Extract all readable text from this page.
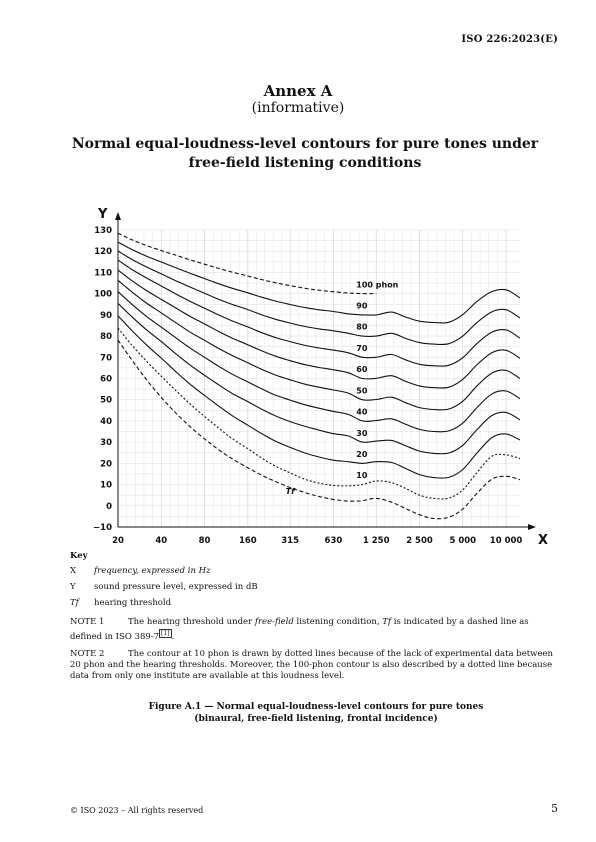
ISO 226:2023(E)
Annex A
(informative)
Normal equal-loudness-level contours for pure tones under free-field listening conditions
Y
X
130
120
110
100
90
80
70
60
50
40
30
20
10
0
−10
20	40	80	160	315	630 1 250 2 500 5 000 10 000
Tf
10
20
30
40
50
60
70
80
90
100 phon
Key
X frequency, expressed in Hz
Y sound pressure level, expressed in dB
Tf hearing threshold
NOTE 1	The hearing threshold under free-field listening condition, Tf is indicated by a dashed line as defined in ISO 389-7 [1] .
NOTE 2	The contour at 10 phon is drawn by dotted lines because of the lack of experimental data between 20 phon and the hearing thresholds. Moreover, the 100-phon contour is also described by a dotted line because data from only one institute are available at this loudness level.
Figure A.1 — Normal equal-loudness-level contours for pure tones
(binaural, free-field listening, frontal incidence)
© ISO 2023 – All rights reserved	5
